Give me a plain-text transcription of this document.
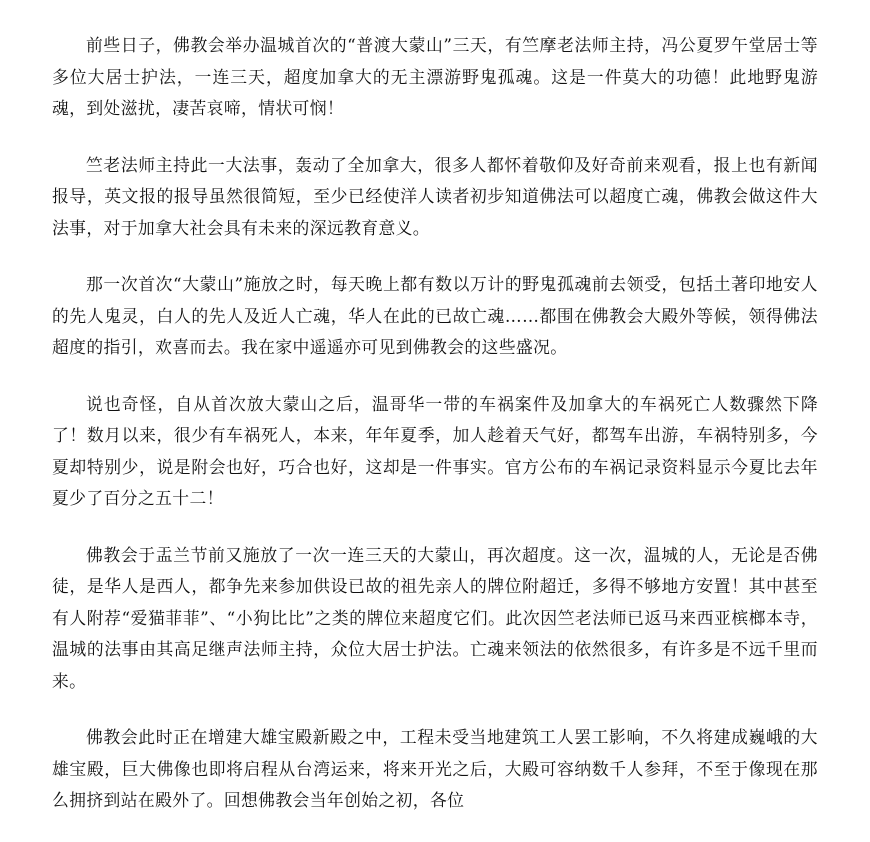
前些日子，佛教会举办温城首次的“普渡大蒙山”三天，有竺摩老法师主持，冯公夏罗午堂居士等多位大居士护法，一连三天，超度加拿大的无主漂游野鬼孤魂。这是一件莫大的功德！此地野鬼游魂，到处滋扰，凄苦哀啼，情状可悯！

竺老法师主持此一大法事，轰动了全加拿大，很多人都怀着敬仰及好奇前来观看，报上也有新闻报导，英文报的报导虽然很简短，至少已经使洋人读者初步知道佛法可以超度亡魂，佛教会做这件大法事，对于加拿大社会具有未来的深远教育意义。

那一次首次“大蒙山”施放之时，每天晚上都有数以万计的野鬼孤魂前去领受，包括土著印地安人的先人鬼灵，白人的先人及近人亡魂，华人在此的已故亡魂……都围在佛教会大殿外等候，领得佛法超度的指引，欢喜而去。我在家中遥遥亦可见到佛教会的这些盛况。

说也奇怪，自从首次放大蒙山之后，温哥华一带的车祸案件及加拿大的车祸死亡人数骤然下降了！数月以来，很少有车祸死人，本来，年年夏季，加人趁着天气好，都驾车出游，车祸特别多，今夏却特别少，说是附会也好，巧合也好，这却是一件事实。官方公布的车祸记录资料显示今夏比去年夏少了百分之五十二！

佛教会于盂兰节前又施放了一次一连三天的大蒙山，再次超度。这一次，温城的人，无论是否佛徒，是华人是西人，都争先来参加供设已故的祖先亲人的牌位附超迁，多得不够地方安置！其中甚至有人附荐“爱猫菲菲”、“小狗比比”之类的牌位来超度它们。此次因竺老法师已返马来西亚槟榔本寺，温城的法事由其高足继声法师主持，众位大居士护法。亡魂来领法的依然很多，有许多是不远千里而来。

佛教会此时正在增建大雄宝殿新殿之中，工程未受当地建筑工人罢工影响，不久将建成巍峨的大雄宝殿，巨大佛像也即将启程从台湾运来，将来开光之后，大殿可容纳数千人参拜，不至于像现在那么拥挤到站在殿外了。回想佛教会当年创始之初，各位
